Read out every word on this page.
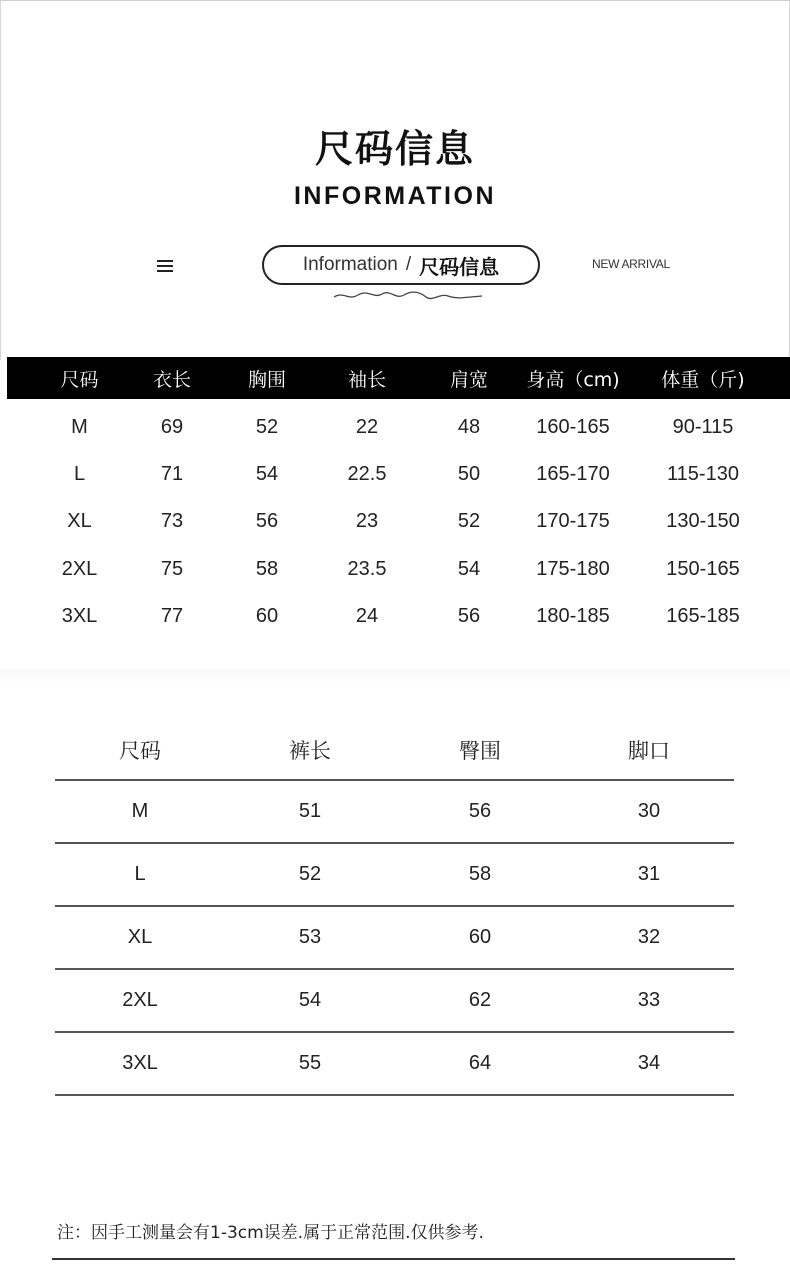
尺码信息
INFORMATION
Information / 尺码信息	NEW ARRIVAL
尺码	衣长	胸围	袖长	肩宽	身高（cm)	体重（斤)
M	69	52	22	48	160-165	90-115
L	71	54	22.5	50	165-170	115-130
XL	73	56	23	52	170-175	130-150
2XL	75	58	23.5	54	175-180	150-165
3XL	77	60	24	56	180-185	165-185
尺码	裤长	臀围	脚口
M	51	56	30
L	52	58	31
XL	53	60	32
2XL	54	62	33
3XL	55	64	34
注：因手工测量会有1-3cm误差.属于正常范围.仅供参考.
